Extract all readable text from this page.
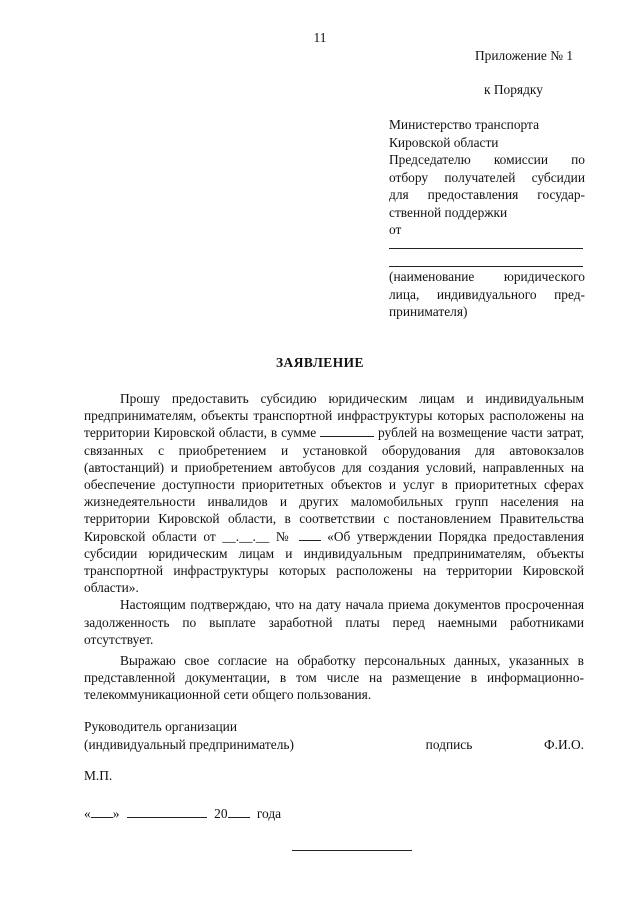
11
Приложение № 1
к Порядку
Министерство транспорта
Кировской области
Председателю комиссии по
отбору получателей субсидии
для предоставления государ-
ственной поддержки
от
(наименование юридического
лица, индивидуального пред-
принимателя)
ЗАЯВЛЕНИЕ

Прошу предоставить субсидию юридическим лицам и индивидуальным предпринимателям, объекты транспортной инфраструктуры которых расположены на территории Кировской области, в сумме	рублей на возмещение части затрат, связанных с приобретением и установкой оборудования для автовокзалов (автостанций) и приобретением автобусов для создания условий, направленных на обеспечение доступности приоритетных объектов и услуг в приоритетных сферах жизнедеятельности инвалидов и других маломобильных групп населения на территории Кировской области, в соответствии с постановлением Правительства Кировской области от __.__.__ №	«Об утверждении Порядка предоставления субсидии юридическим лицам и индивидуальным предпринимателям, объекты транспортной инфраструктуры которых расположены на территории Кировской области».

Настоящим подтверждаю, что на дату начала приема документов просроченная задолженность по выплате заработной платы перед наемными работниками отсутствует.

Выражаю свое согласие на обработку персональных данных, указанных в представленной документации, в том числе на размещение в информационно-телекоммуникационной сети общего пользования.

Руководитель организации
(индивидуальный предприниматель)	подпись	Ф.И.О.
М.П.
« »	20 года
